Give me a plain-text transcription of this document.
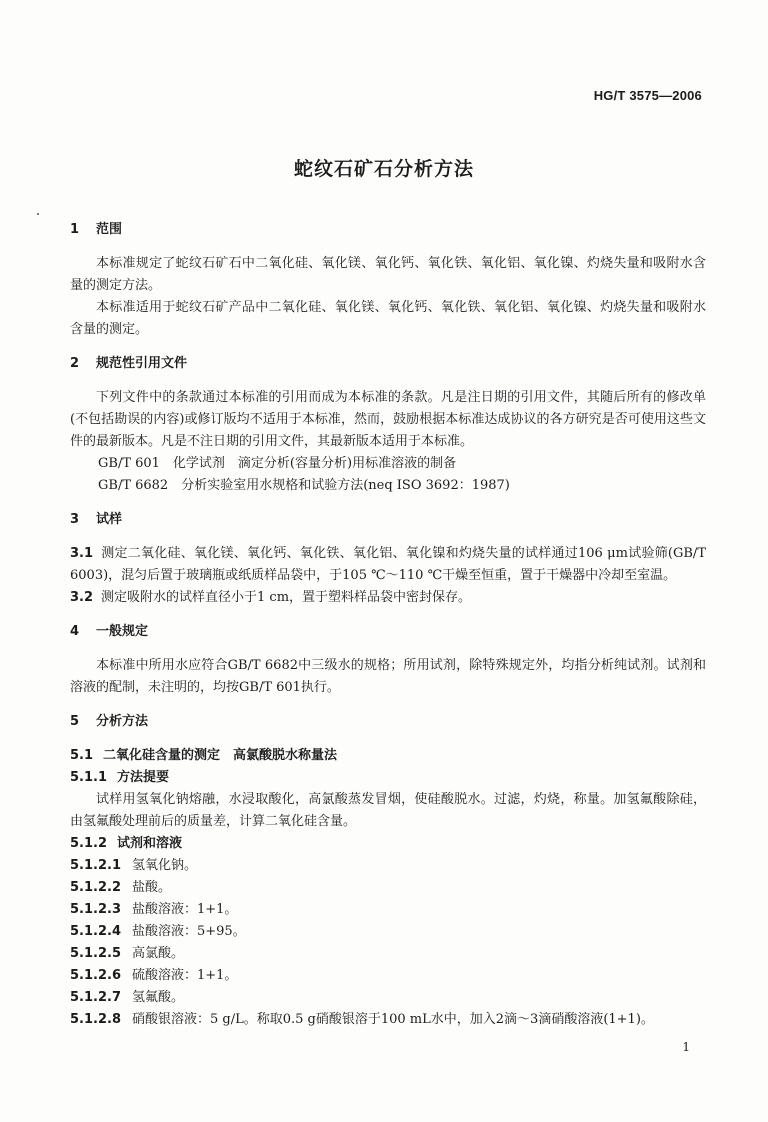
HG/T 3575—2006
蛇纹石矿石分析方法

1 范围

本标准规定了蛇纹石矿石中二氧化硅、氧化镁、氧化钙、氧化铁、氧化铝、氧化镍、灼烧失量和吸附水含量的测定方法。

本标准适用于蛇纹石矿产品中二氧化硅、氧化镁、氧化钙、氧化铁、氧化铝、氧化镍、灼烧失量和吸附水含量的测定。

2 规范性引用文件

下列文件中的条款通过本标准的引用而成为本标准的条款。凡是注日期的引用文件，其随后所有的修改单(不包括勘误的内容)或修订版均不适用于本标准，然而，鼓励根据本标准达成协议的各方研究是否可使用这些文件的最新版本。凡是不注日期的引用文件，其最新版本适用于本标准。

GB/T 601　化学试剂　滴定分析(容量分析)用标准溶液的制备

GB/T 6682　分析实验室用水规格和试验方法(neq ISO 3692：1987)

3 试样

3.1 测定二氧化硅、氧化镁、氧化钙、氧化铁、氧化铝、氧化镍和灼烧失量的试样通过106 μm试验筛(GB/T 6003)，混匀后置于玻璃瓶或纸质样品袋中，于105 ℃～110 ℃干燥至恒重，置于干燥器中冷却至室温。

3.2 测定吸附水的试样直径小于1 cm，置于塑料样品袋中密封保存。

4 一般规定

本标准中所用水应符合GB/T 6682中三级水的规格；所用试剂，除特殊规定外，均指分析纯试剂。试剂和溶液的配制，未注明的，均按GB/T 601执行。

5 分析方法

5.1 二氧化硅含量的测定　高氯酸脱水称量法

5.1.1 方法提要

试样用氢氧化钠熔融，水浸取酸化，高氯酸蒸发冒烟，使硅酸脱水。过滤，灼烧，称量。加氢氟酸除硅，由氢氟酸处理前后的质量差，计算二氧化硅含量。

5.1.2 试剂和溶液

5.1.2.1 氢氧化钠。

5.1.2.2 盐酸。

5.1.2.3 盐酸溶液：1+1。

5.1.2.4 盐酸溶液：5+95。

5.1.2.5 高氯酸。

5.1.2.6 硫酸溶液：1+1。

5.1.2.7 氢氟酸。

5.1.2.8 硝酸银溶液：5 g/L。称取0.5 g硝酸银溶于100 mL水中，加入2滴～3滴硝酸溶液(1+1)。

1
